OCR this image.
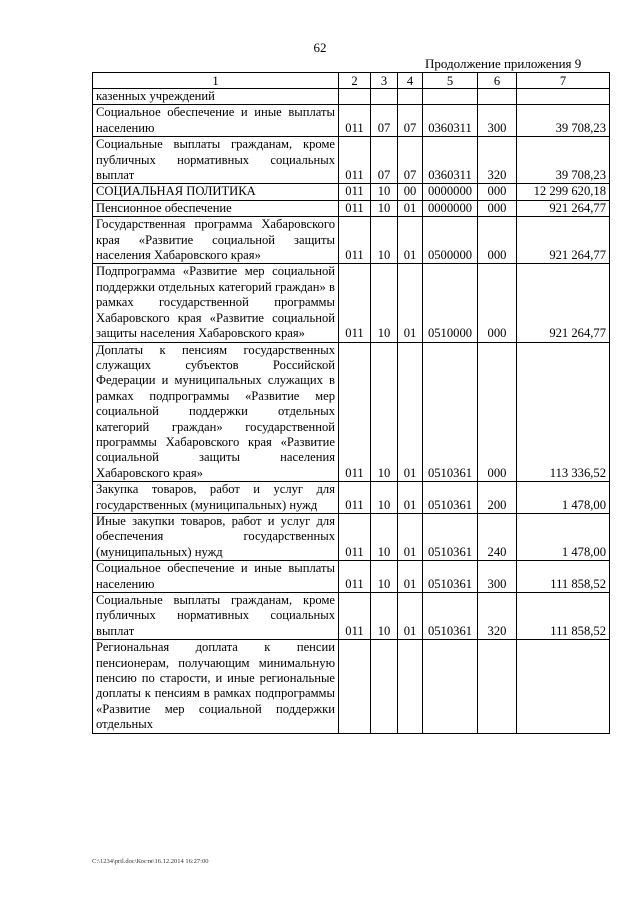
62
Продолжение приложения 9
1	2	3	4	5	6	7
казенных учреждений						
Социальное обеспечение и иные выплаты населению	011	07	07	0360311	300	39 708,23
Социальные выплаты гражданам, кроме публичных нормативных социальных выплат	011	07	07	0360311	320	39 708,23
СОЦИАЛЬНАЯ ПОЛИТИКА	011	10	00	0000000	000	12 299 620,18
Пенсионное обеспечение	011	10	01	0000000	000	921 264,77
Государственная программа Хабаровского края «Развитие социальной защиты населения Хабаровского края»	011	10	01	0500000	000	921 264,77
Подпрограмма «Развитие мер социальной поддержки отдельных категорий граждан» в рамках государственной программы Хабаровского края «Развитие социальной защиты населения Хабаровского края»	011	10	01	0510000	000	921 264,77
Доплаты к пенсиям государственных служащих субъектов Российской Федерации и муниципальных служащих в рамках подпрограммы «Развитие мер социальной поддержки отдельных категорий граждан» государственной программы Хабаровского края «Развитие социальной защиты населения Хабаровского края»	011	10	01	0510361	000	113 336,52
Закупка товаров, работ и услуг для государственных (муниципальных) нужд	011	10	01	0510361	200	1 478,00
Иные закупки товаров, работ и услуг для обеспечения государственных (муниципальных) нужд	011	10	01	0510361	240	1 478,00
Социальное обеспечение и иные выплаты населению	011	10	01	0510361	300	111 858,52
Социальные выплаты гражданам, кроме публичных нормативных социальных выплат	011	10	01	0510361	320	111 858,52
Региональная доплата к пенсии пенсионерам, получающим минимальную пенсию по старости, и иные региональные доплаты к пенсиям в рамках подпрограммы «Развитие мер социальной поддержки отдельных						
C:\1234\pril.doc\Костя\16.12.2014 16:27:00
